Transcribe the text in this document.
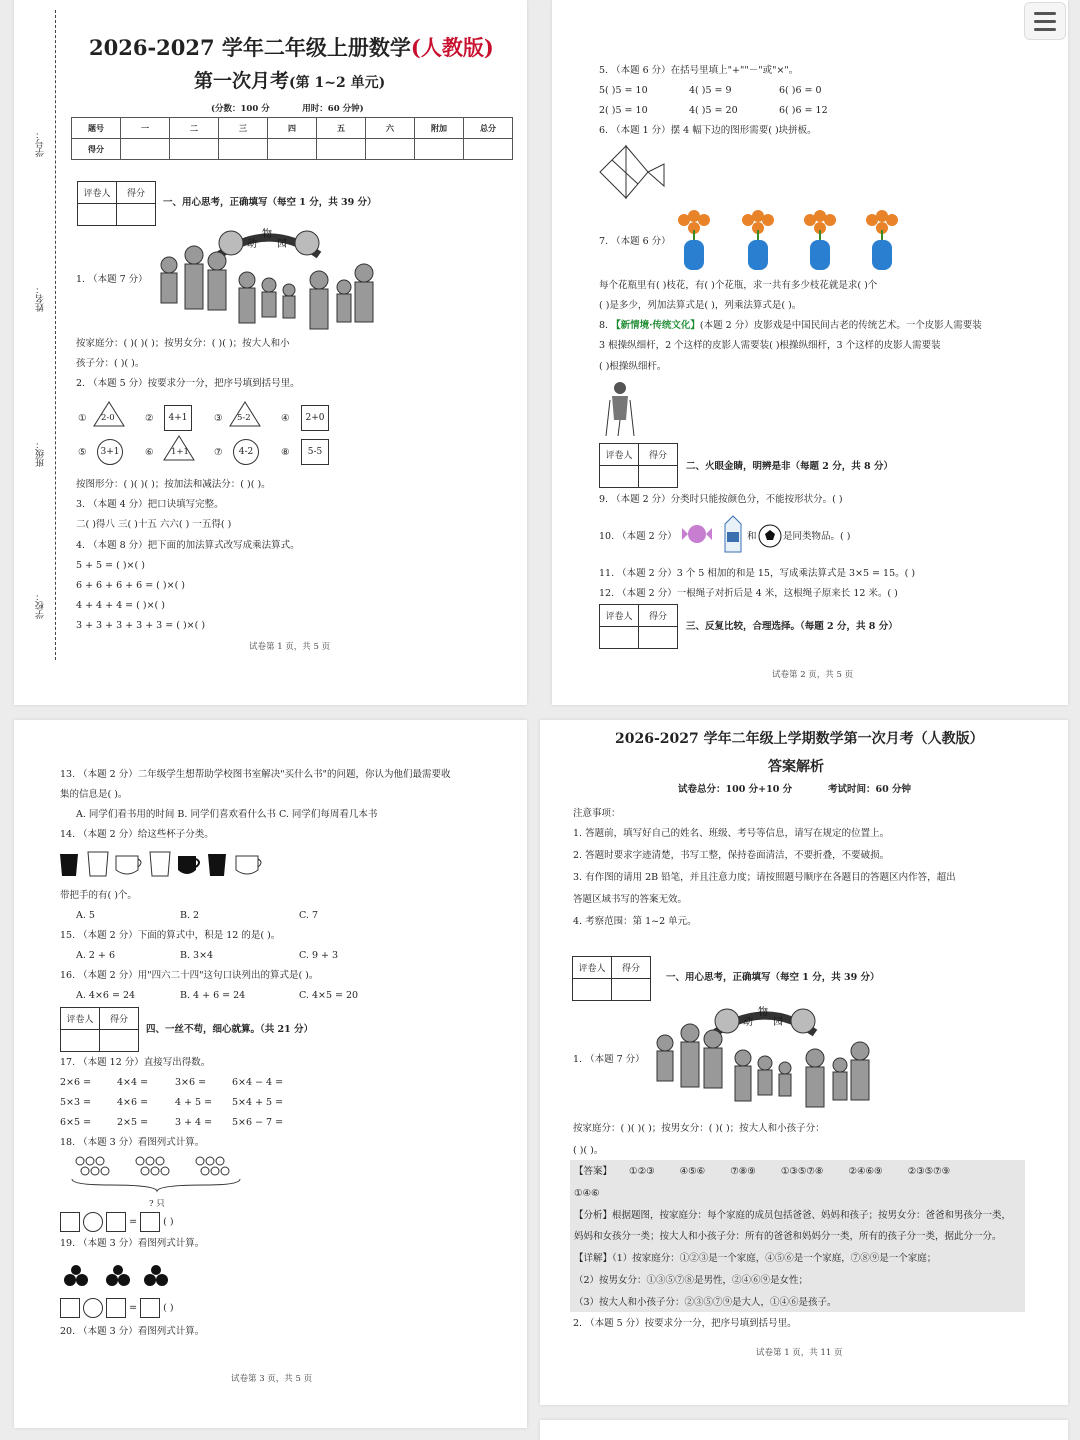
学号：
姓名：
班级：
学校：
2026-2027 学年二年级上册数学(人教版)
第一次月考(第 1~2 单元)
(分数：100 分	用时：60 分钟)
题号	一	二	三	四	五	六	附加	总分
得分								
评卷人	得分

一、用心思考，正确填写（每空 1 分，共 39 分）
动
物
园
1. （本题 7 分）
按家庭分：( )( )( )；按男女分：( )( )；按大人和小
孩子分：( )( )。
2. （本题 5 分）按要求分一分，把序号填到括号里。
① 2-0	②	4+1	③ 5-2	④	2+0
⑤	3+1	⑥ 1+1	⑦	4-2	⑧	5-5
按图形分：( )( )( )；按加法和减法分：( )( )。
3. （本题 4 分）把口诀填写完整。
二( )得八 三( )十五 六六( ) 一五得( )
4. （本题 8 分）把下面的加法算式改写成乘法算式。
5 + 5 = ( )×( )
6 + 6 + 6 + 6 = ( )×( )
4 + 4 + 4 = ( )×( )
3 + 3 + 3 + 3 + 3 = ( )×( )
试卷第 1 页，共 5 页
5. （本题 6 分）在括号里填上"+""－"或"×"。
5( )5 = 10	4( )5 = 9	6( )6 = 0
2( )5 = 10	4( )5 = 20	6( )6 = 12
6. （本题 1 分）摆 4 幅下边的图形需要( )块拼板。
7. （本题 6 分）
每个花瓶里有( )枝花，有( )个花瓶，求一共有多少枝花就是求( )个
( )是多少，列加法算式是( )，列乘法算式是( )。
8. 【新情境·传统文化】(本题 2 分）皮影戏是中国民间古老的传统艺术。一个皮影人需要装
3 根操纵细杆，2 个这样的皮影人需要装( )根操纵细杆，3 个这样的皮影人需要装
( )根操纵细杆。
评卷人	得分

二、火眼金睛，明辨是非（每题 2 分，共 8 分）
9. （本题 2 分）分类时只能按颜色分，不能按形状分。( )
10. （本题 2 分）	和	是同类物品。( )
11. （本题 2 分）3 个 5 相加的和是 15，写成乘法算式是 3×5 = 15。( )
12. （本题 2 分）一根绳子对折后是 4 米，这根绳子原来长 12 米。( )
评卷人	得分

三、反复比较，合理选择。（每题 2 分，共 8 分）
试卷第 2 页，共 5 页
13. （本题 2 分）二年级学生想帮助学校图书室解决"买什么书"的问题，你认为他们最需要收
集的信息是( )。
A. 同学们看书用的时间 B. 同学们喜欢看什么书 C. 同学们每周看几本书
14. （本题 2 分）给这些杯子分类。
带把手的有( )个。
A. 5	B. 2	C. 7
15. （本题 2 分）下面的算式中，积是 12 的是( )。
A. 2 + 6	B. 3×4	C. 9 + 3
16. （本题 2 分）用"四六二十四"这句口诀列出的算式是( )。
A. 4×6 = 24	B. 4 + 6 = 24	C. 4×5 = 20
评卷人	得分

四、一丝不苟，细心就算。（共 21 分）
17. （本题 12 分）直接写出得数。
2×6 =	4×4 =	3×6 =	6×4 − 4 =
5×3 =	4×6 =	4 + 5 = 5×4 + 5 =
6×5 =	2×5 =	3 + 4 = 5×6 − 7 =
18. （本题 3 分）看图列式计算。
? 只
=	( )
19. （本题 3 分）看图列式计算。
=	( )
20. （本题 3 分）看图列式计算。
试卷第 3 页，共 5 页
2026-2027 学年二年级上学期数学第一次月考（人教版）
答案解析
试卷总分：100 分+10 分	考试时间：60 分钟
注意事项：
1. 答题前，填写好自己的姓名、班级、考号等信息，请写在规定的位置上。
2. 答题时要求字迹清楚，书写工整，保持卷面清洁，不要折叠，不要破损。
3. 有作图的请用 2B 铅笔，并且注意力度；请按照题号顺序在各题目的答题区内作答，超出
答题区域书写的答案无效。
4. 考察范围：第 1~2 单元。
评卷人	得分

一、用心思考，正确填写（每空 1 分，共 39 分）
动
物
园
1. （本题 7 分）
按家庭分：( )( )( )；按男女分：( )( )；按大人和小孩子分：
( )( )。
【答案】 ①②③	④⑤⑥	⑦⑧⑨	①③⑤⑦⑧	②④⑥⑨	②③⑤⑦⑨
①④⑥
【分析】根据题图，按家庭分：每个家庭的成员包括爸爸、妈妈和孩子；按男女分：爸爸和男孩分一类，
妈妈和女孩分一类；按大人和小孩子分：所有的爸爸和妈妈分一类，所有的孩子分一类，据此分一分。
【详解】（1）按家庭分：①②③是一个家庭，④⑤⑥是一个家庭，⑦⑧⑨是一个家庭；
（2）按男女分：①③⑤⑦⑧是男性，②④⑥⑨是女性；
（3）按大人和小孩子分：②③⑤⑦⑨是大人，①④⑥是孩子。
2. （本题 5 分）按要求分一分，把序号填到括号里。
试卷第 1 页，共 11 页
